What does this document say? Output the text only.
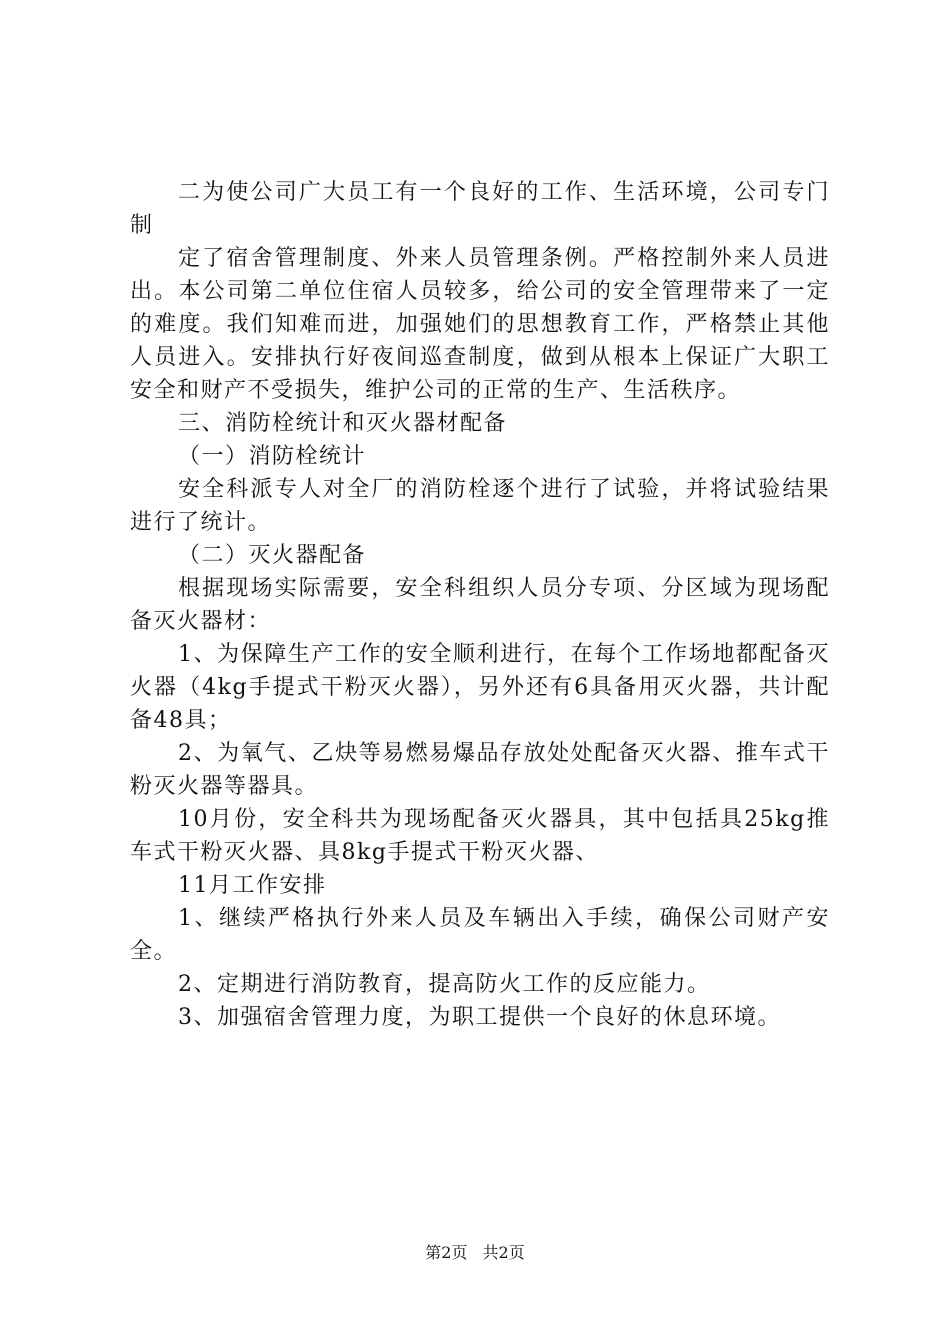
二为使公司广大员工有一个良好的工作、生活环境，公司专门制

定了宿舍管理制度、外来人员管理条例。严格控制外来人员进出。本公司第二单位住宿人员较多，给公司的安全管理带来了一定的难度。我们知难而进，加强她们的思想教育工作，严格禁止其他人员进入。安排执行好夜间巡查制度，做到从根本上保证广大职工安全和财产不受损失，维护公司的正常的生产、生活秩序。

三、消防栓统计和灭火器材配备

（一）消防栓统计

安全科派专人对全厂的消防栓逐个进行了试验，并将试验结果进行了统计。

（二）灭火器配备

根据现场实际需要，安全科组织人员分专项、分区域为现场配备灭火器材：

1、为保障生产工作的安全顺利进行，在每个工作场地都配备灭火器（4kg手提式干粉灭火器），另外还有6具备用灭火器，共计配备48具；

2、为氧气、乙炔等易燃易爆品存放处处配备灭火器、推车式干粉灭火器等器具。

10月份，安全科共为现场配备灭火器具，其中包括具25kg推车式干粉灭火器、具8kg手提式干粉灭火器、

11月工作安排

1、继续严格执行外来人员及车辆出入手续，确保公司财产安全。

2、定期进行消防教育，提高防火工作的反应能力。

3、加强宿舍管理力度，为职工提供一个良好的休息环境。

第2页 共2页
